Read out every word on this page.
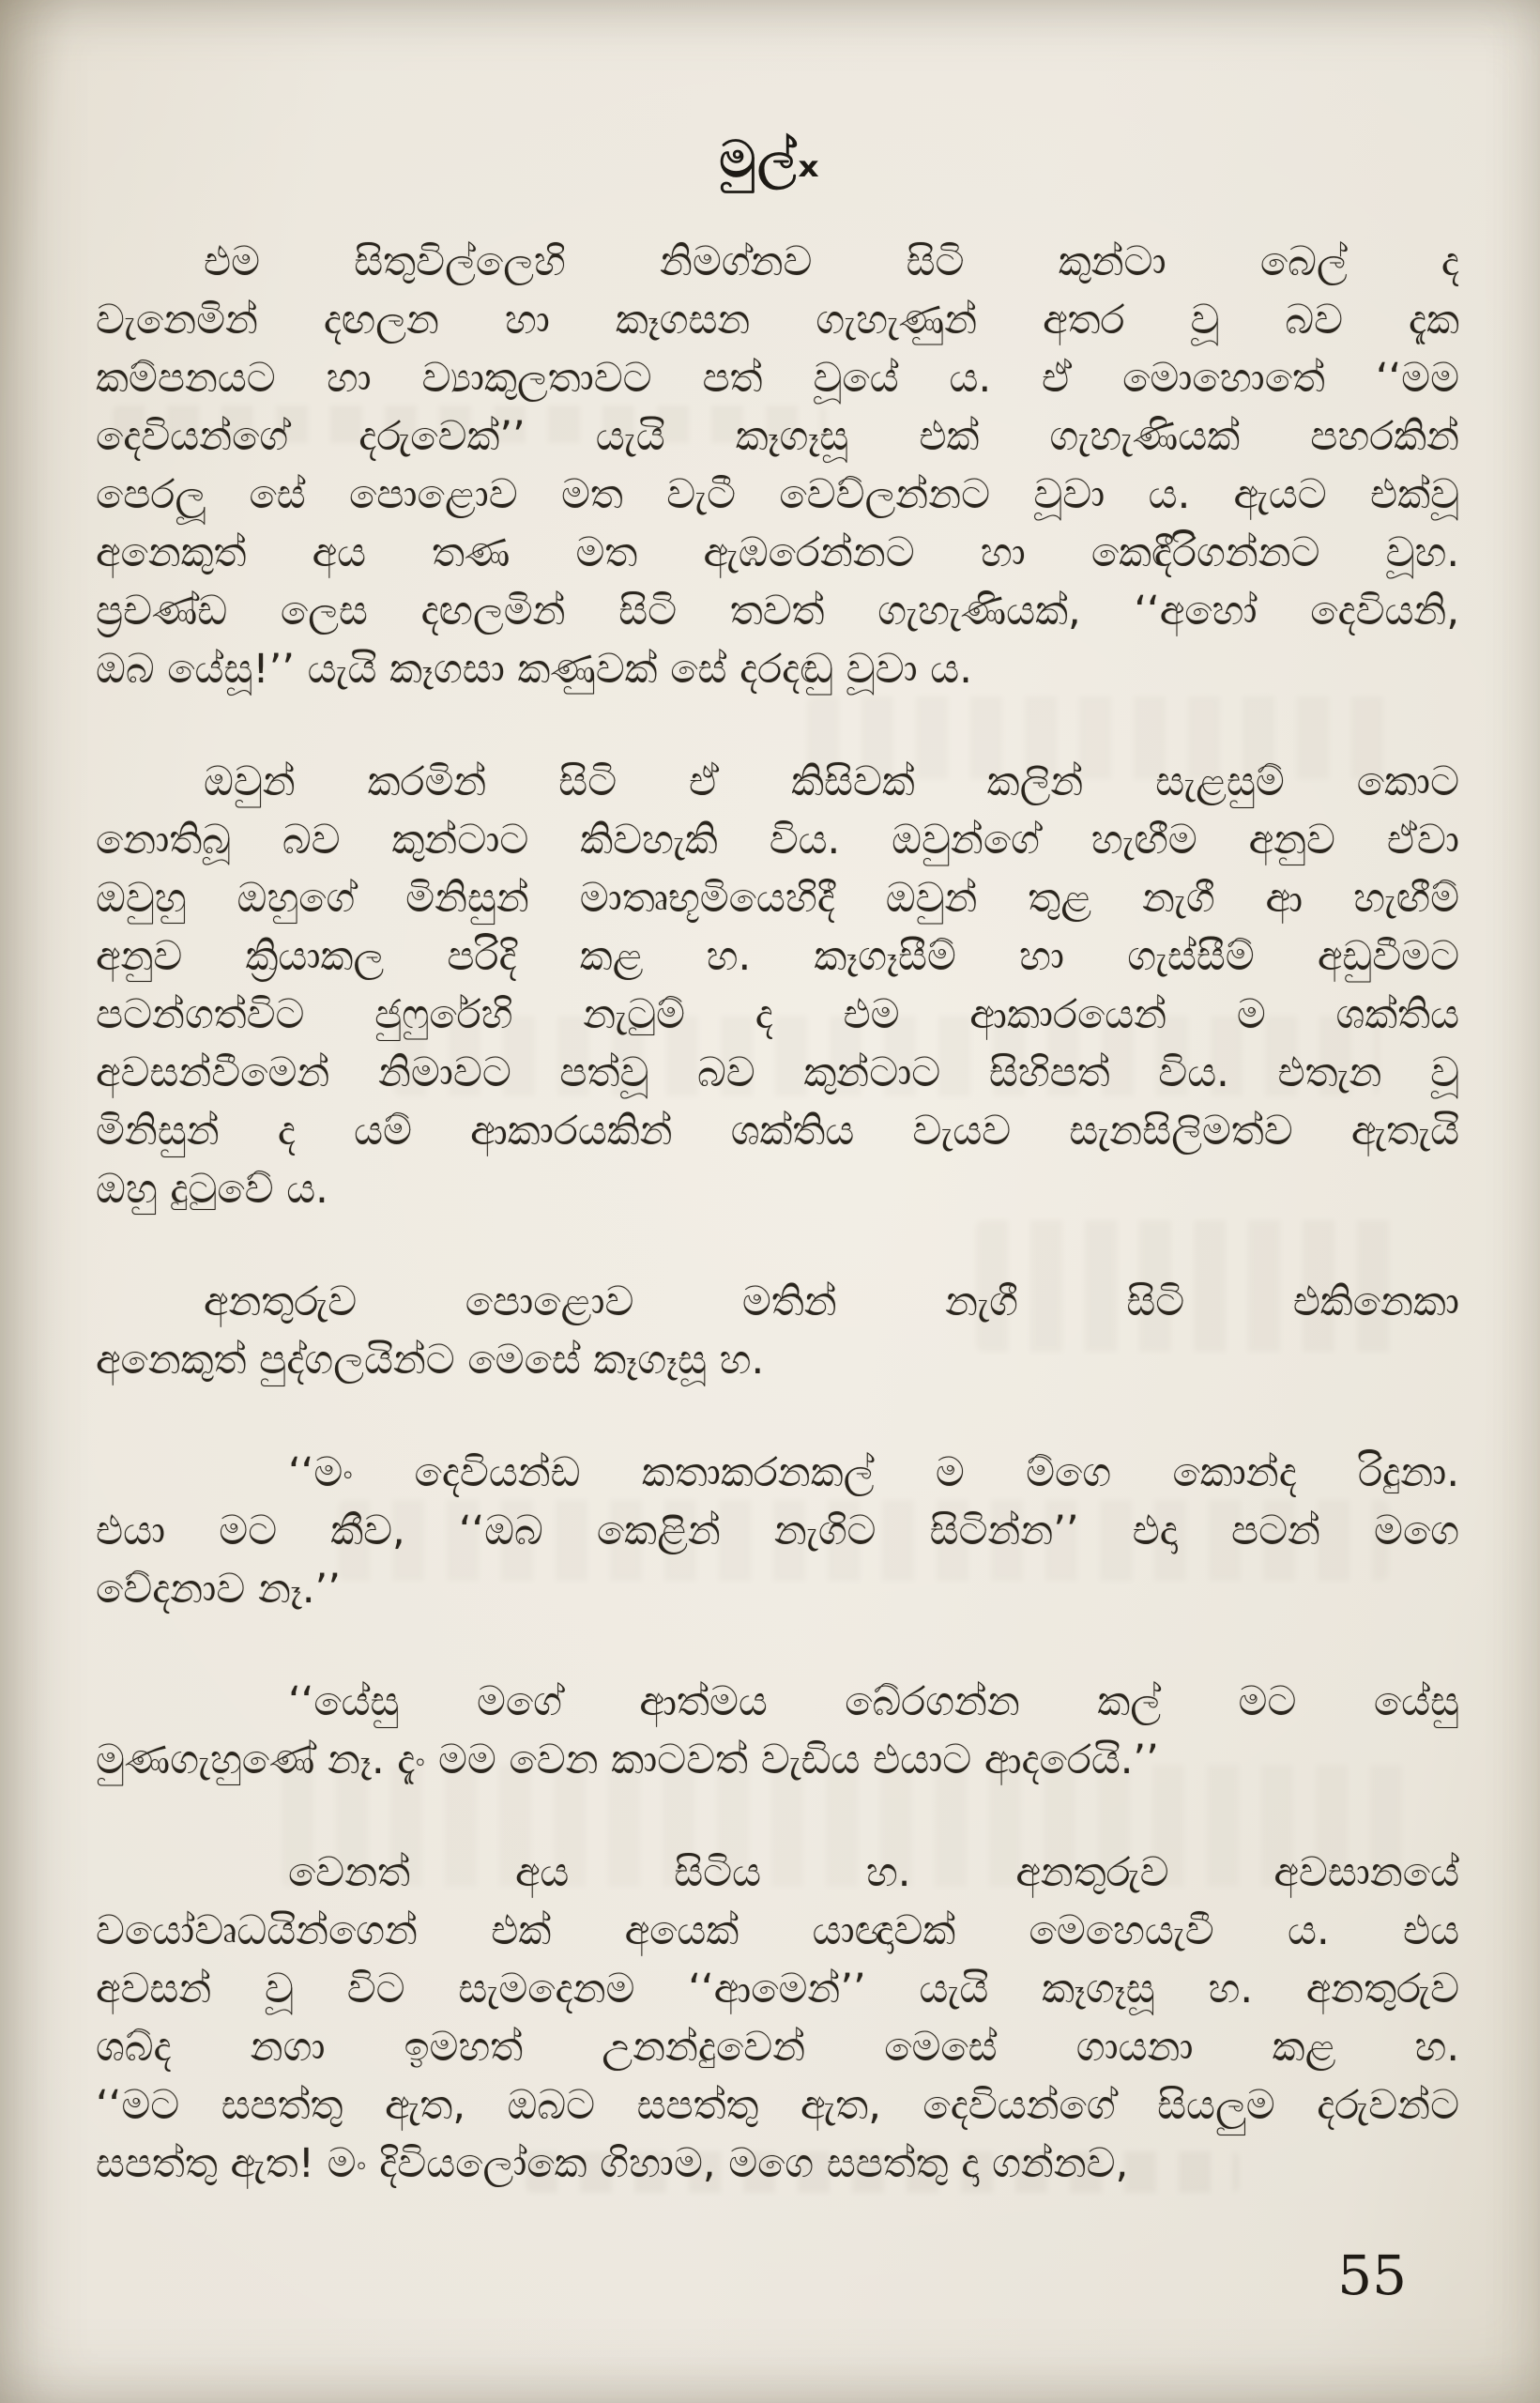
මුල්ₓ

එම සිතුවිල්ලෙහි නිමග්නව සිටි කුන්ටා බෙල් ද
වැනෙමින් දඟලන හා කෑගසන ගැහැණුන් අතර වූ බව දැක
කම්පනයට හා ව්‍යාකුලතාවට පත් වූයේ ය. ඒ මොහොතේ ‘‘මම
දෙවියන්ගේ දරුවෙක්’’ යැයි කෑගෑසූ එක් ගැහැණියක් පහරකින්
පෙරලූ සේ පොළොව මත වැටී වෙව්ලන්නට වූවා ය. ඇයට එක්වූ
අනෙකුත් අය තණ මත ඇඹරෙන්නට හා කෙඳීරිගන්නට වූහ.
ප්‍රචණ්ඩ ලෙස දඟලමින් සිටි තවත් ගැහැණියක්, ‘‘අහෝ දෙවියනි,
ඔබ යේසූ!’’ යැයි කෑගසා කණුවක් සේ දරදඬු වූවා ය.

ඔවුන් කරමින් සිටි ඒ කිසිවක් කලින් සැළසුම් කොට
නොතිබූ බව කුන්ටාට කිවහැකි විය. ඔවුන්ගේ හැඟීම අනුව ඒවා
ඔවුහු ඔහුගේ මිනිසුන් මාතෘභූමියෙහිදී ඔවුන් තුළ නැගී ආ හැඟීම්
අනුව ක්‍රියාකල පරිදි කළ හ. කෑගෑසීම් හා ගැස්සීම් අඩුවීමට
පටන්ගත්විට ජුෆුරේහි නැටුම් ද එම ආකාරයෙන් ම ශක්තිය
අවසන්වීමෙන් නිමාවට පත්වූ බව කුන්ටාට සිහිපත් විය. එතැන වූ
මිනිසුන් ද යම් ආකාරයකින් ශක්තිය වැයව සැනසිලිමත්ව ඇතැයි
ඔහු දුටුවේ ය.

අනතුරුව පොළොව මතින් නැගී සිටි එකිනෙකා
අනෙකුත් පුද්ගලයින්ට මෙසේ කෑගෑසූ හ.

‘‘මං දෙවියන්ඩ කතාකරනකල් ම ම්ගෙ කොන්ද රිදුනා.
එයා මට කීව, ‘‘ඔබ කෙළින් නැගිට සිටින්න’’ එදා පටන් මගෙ
වේදනාව නෑ.’’

‘‘යේසු මගේ ආත්මය බේරගන්න කල් මට යේසු
මුණගැහුණේ නෑ. දැං මම වෙන කාටවත් වැඩිය එයාට ආදරෙයි.’’

වෙනත් අය සිටිය හ. අනතුරුව අවසානයේ
වයෝවෘධයින්ගෙන් එක් අයෙක් යාඥාවක් මෙහෙයැවී ය. එය
අවසන් වූ විට සැමදෙනම ‘‘ආමෙන්’’ යැයි කෑගෑසූ හ. අනතුරුව
ශබ්ද නගා ඉමහත් උනන්දුවෙන් මෙසේ ගායනා කළ හ.
‘‘මට සපත්තු ඇත, ඔබට සපත්තු ඇත, දෙවියන්ගේ සියලුම දරුවන්ට
සපත්තු ඇත! මං දිවියලෝකෙ ගිහාම, මගෙ සපත්තු දා ගන්නව,

55
